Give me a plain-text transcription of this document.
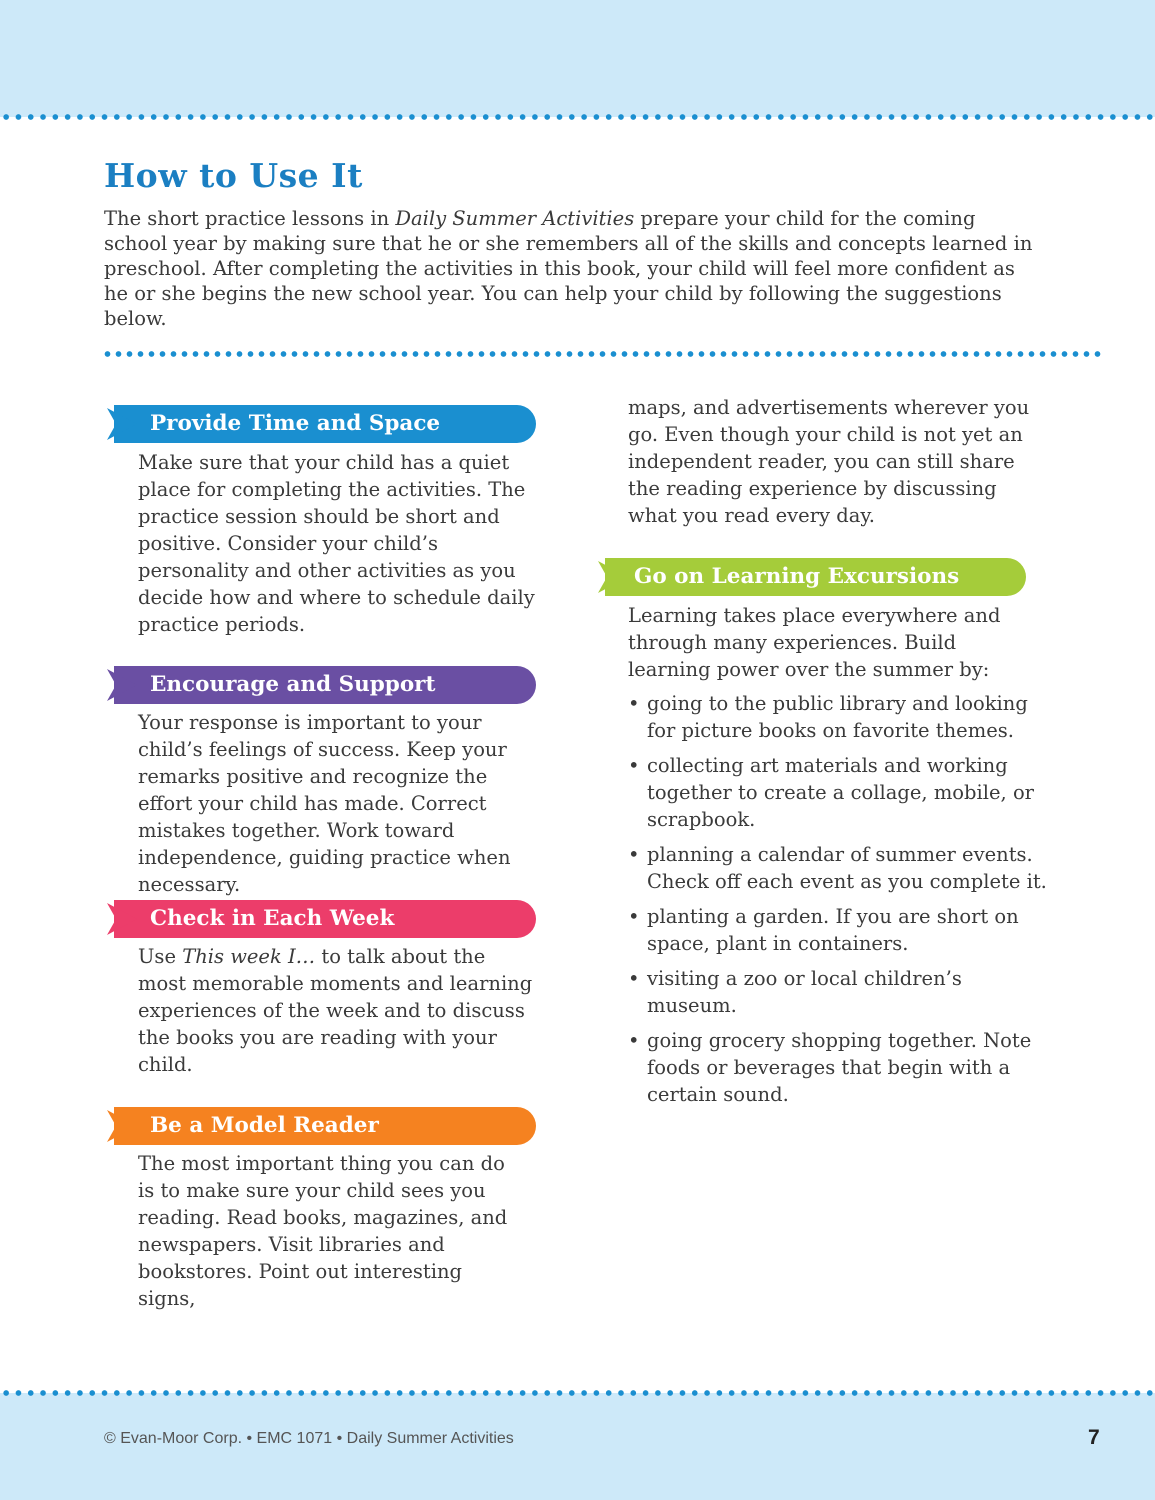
How to Use It

The short practice lessons in Daily Summer Activities prepare your child for the coming school year by making sure that he or she remembers all of the skills and concepts learned in preschool. After completing the activities in this book, your child will feel more confident as he or she begins the new school year. You can help your child by following the suggestions below.

Provide Time and Space

Make sure that your child has a quiet place for completing the activities. The practice session should be short and positive. Consider your child’s personality and other activities as you decide how and where to schedule daily practice periods.

Encourage and Support

Your response is important to your child’s feelings of success. Keep your remarks positive and recognize the effort your child has made. Correct mistakes together. Work toward independence, guiding practice when necessary.

Check in Each Week

Use This week I… to talk about the most memorable moments and learning experiences of the week and to discuss the books you are reading with your child.

Be a Model Reader

The most important thing you can do is to make sure your child sees you reading. Read books, magazines, and newspapers. Visit libraries and bookstores. Point out interesting signs,

maps, and advertisements wherever you go. Even though your child is not yet an independent reader, you can still share the reading experience by discussing what you read every day.

Go on Learning Excursions

Learning takes place everywhere and through many experiences. Build learning power over the summer by:

• going to the public library and looking for picture books on favorite themes.
• collecting art materials and working together to create a collage, mobile, or scrapbook.
• planning a calendar of summer events. Check off each event as you complete it.
• planting a garden. If you are short on space, plant in containers.
• visiting a zoo or local children’s museum.
• going grocery shopping together. Note foods or beverages that begin with a certain sound.
© Evan-Moor Corp. • EMC 1071 • Daily Summer Activities	7
